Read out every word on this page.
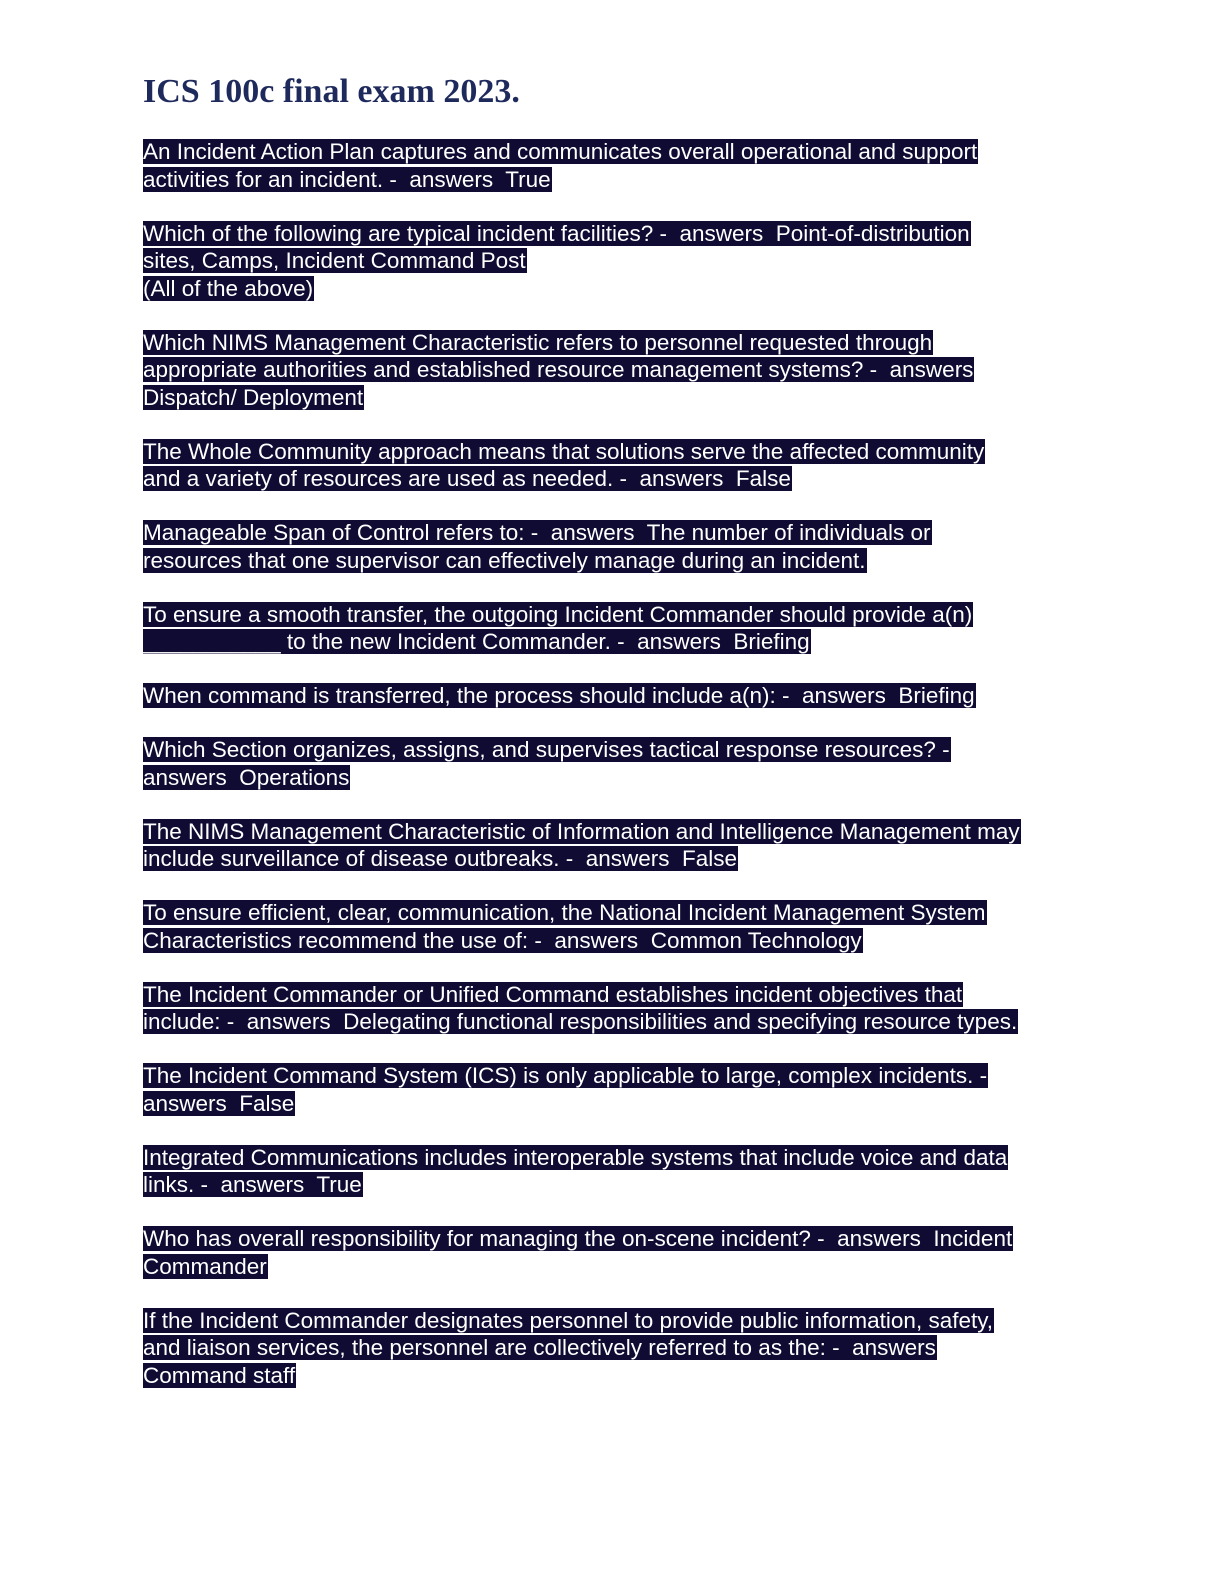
ICS 100c final exam 2023.
An Incident Action Plan captures and communicates overall operational and support
activities for an incident. -  answers  True
Which of the following are typical incident facilities? -  answers  Point-of-distribution
sites, Camps, Incident Command Post
(All of the above)
Which NIMS Management Characteristic refers to personnel requested through
appropriate authorities and established resource management systems? -  answers
Dispatch/ Deployment
The Whole Community approach means that solutions serve the affected community
and a variety of resources are used as needed. -  answers  False
Manageable Span of Control refers to: -  answers  The number of individuals or
resources that one supervisor can effectively manage during an incident.
To ensure a smooth transfer, the outgoing Incident Commander should provide a(n)
___________ to the new Incident Commander. -  answers  Briefing
When command is transferred, the process should include a(n): -  answers  Briefing
Which Section organizes, assigns, and supervises tactical response resources? -
answers  Operations
The NIMS Management Characteristic of Information and Intelligence Management may
include surveillance of disease outbreaks. -  answers  False
To ensure efficient, clear, communication, the National Incident Management System
Characteristics recommend the use of: -  answers  Common Technology
The Incident Commander or Unified Command establishes incident objectives that
include: -  answers  Delegating functional responsibilities and specifying resource types.
The Incident Command System (ICS) is only applicable to large, complex incidents. -
answers  False
Integrated Communications includes interoperable systems that include voice and data
links. -  answers  True
Who has overall responsibility for managing the on-scene incident? -  answers  Incident
Commander
If the Incident Commander designates personnel to provide public information, safety,
and liaison services, the personnel are collectively referred to as the: -  answers
Command staff
